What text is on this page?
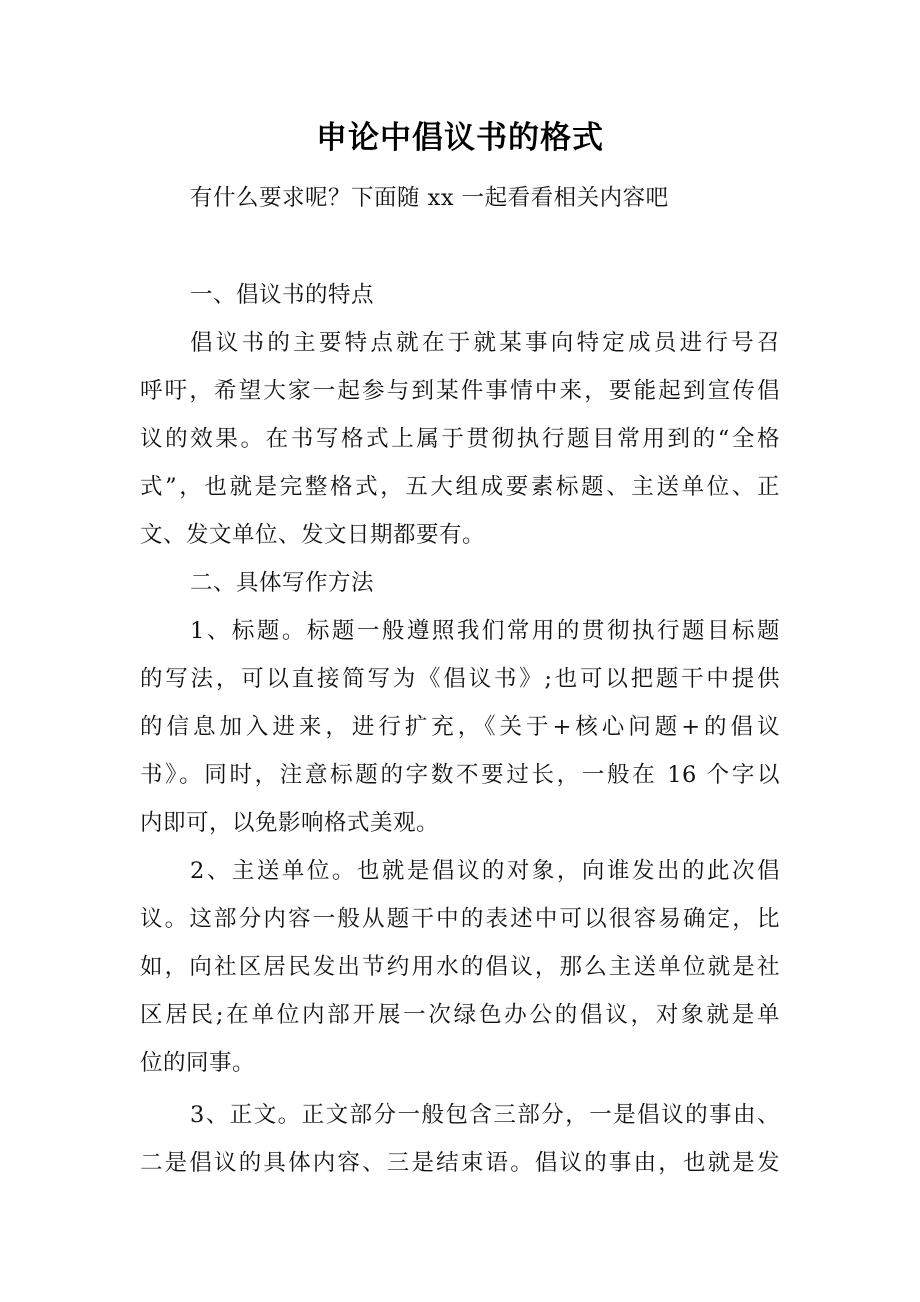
申论中倡议书的格式
有什么要求呢？下面随 xx 一起看看相关内容吧
一、倡议书的特点
倡议书的主要特点就在于就某事向特定成员进行号召
呼吁，希望大家一起参与到某件事情中来，要能起到宣传倡
议的效果。在书写格式上属于贯彻执行题目常用到的“全格
式”，也就是完整格式，五大组成要素标题、主送单位、正
文、发文单位、发文日期都要有。
二、具体写作方法
1、标题。标题一般遵照我们常用的贯彻执行题目标题
的写法，可以直接简写为《倡议书》;也可以把题干中提供
的信息加入进来，进行扩充，《关于+核心问题+的倡议
书》。同时，注意标题的字数不要过长，一般在 16 个字以
内即可，以免影响格式美观。
2、主送单位。也就是倡议的对象，向谁发出的此次倡
议。这部分内容一般从题干中的表述中可以很容易确定，比
如，向社区居民发出节约用水的倡议，那么主送单位就是社
区居民;在单位内部开展一次绿色办公的倡议，对象就是单
位的同事。
3、正文。正文部分一般包含三部分，一是倡议的事由、
二是倡议的具体内容、三是结束语。倡议的事由，也就是发
